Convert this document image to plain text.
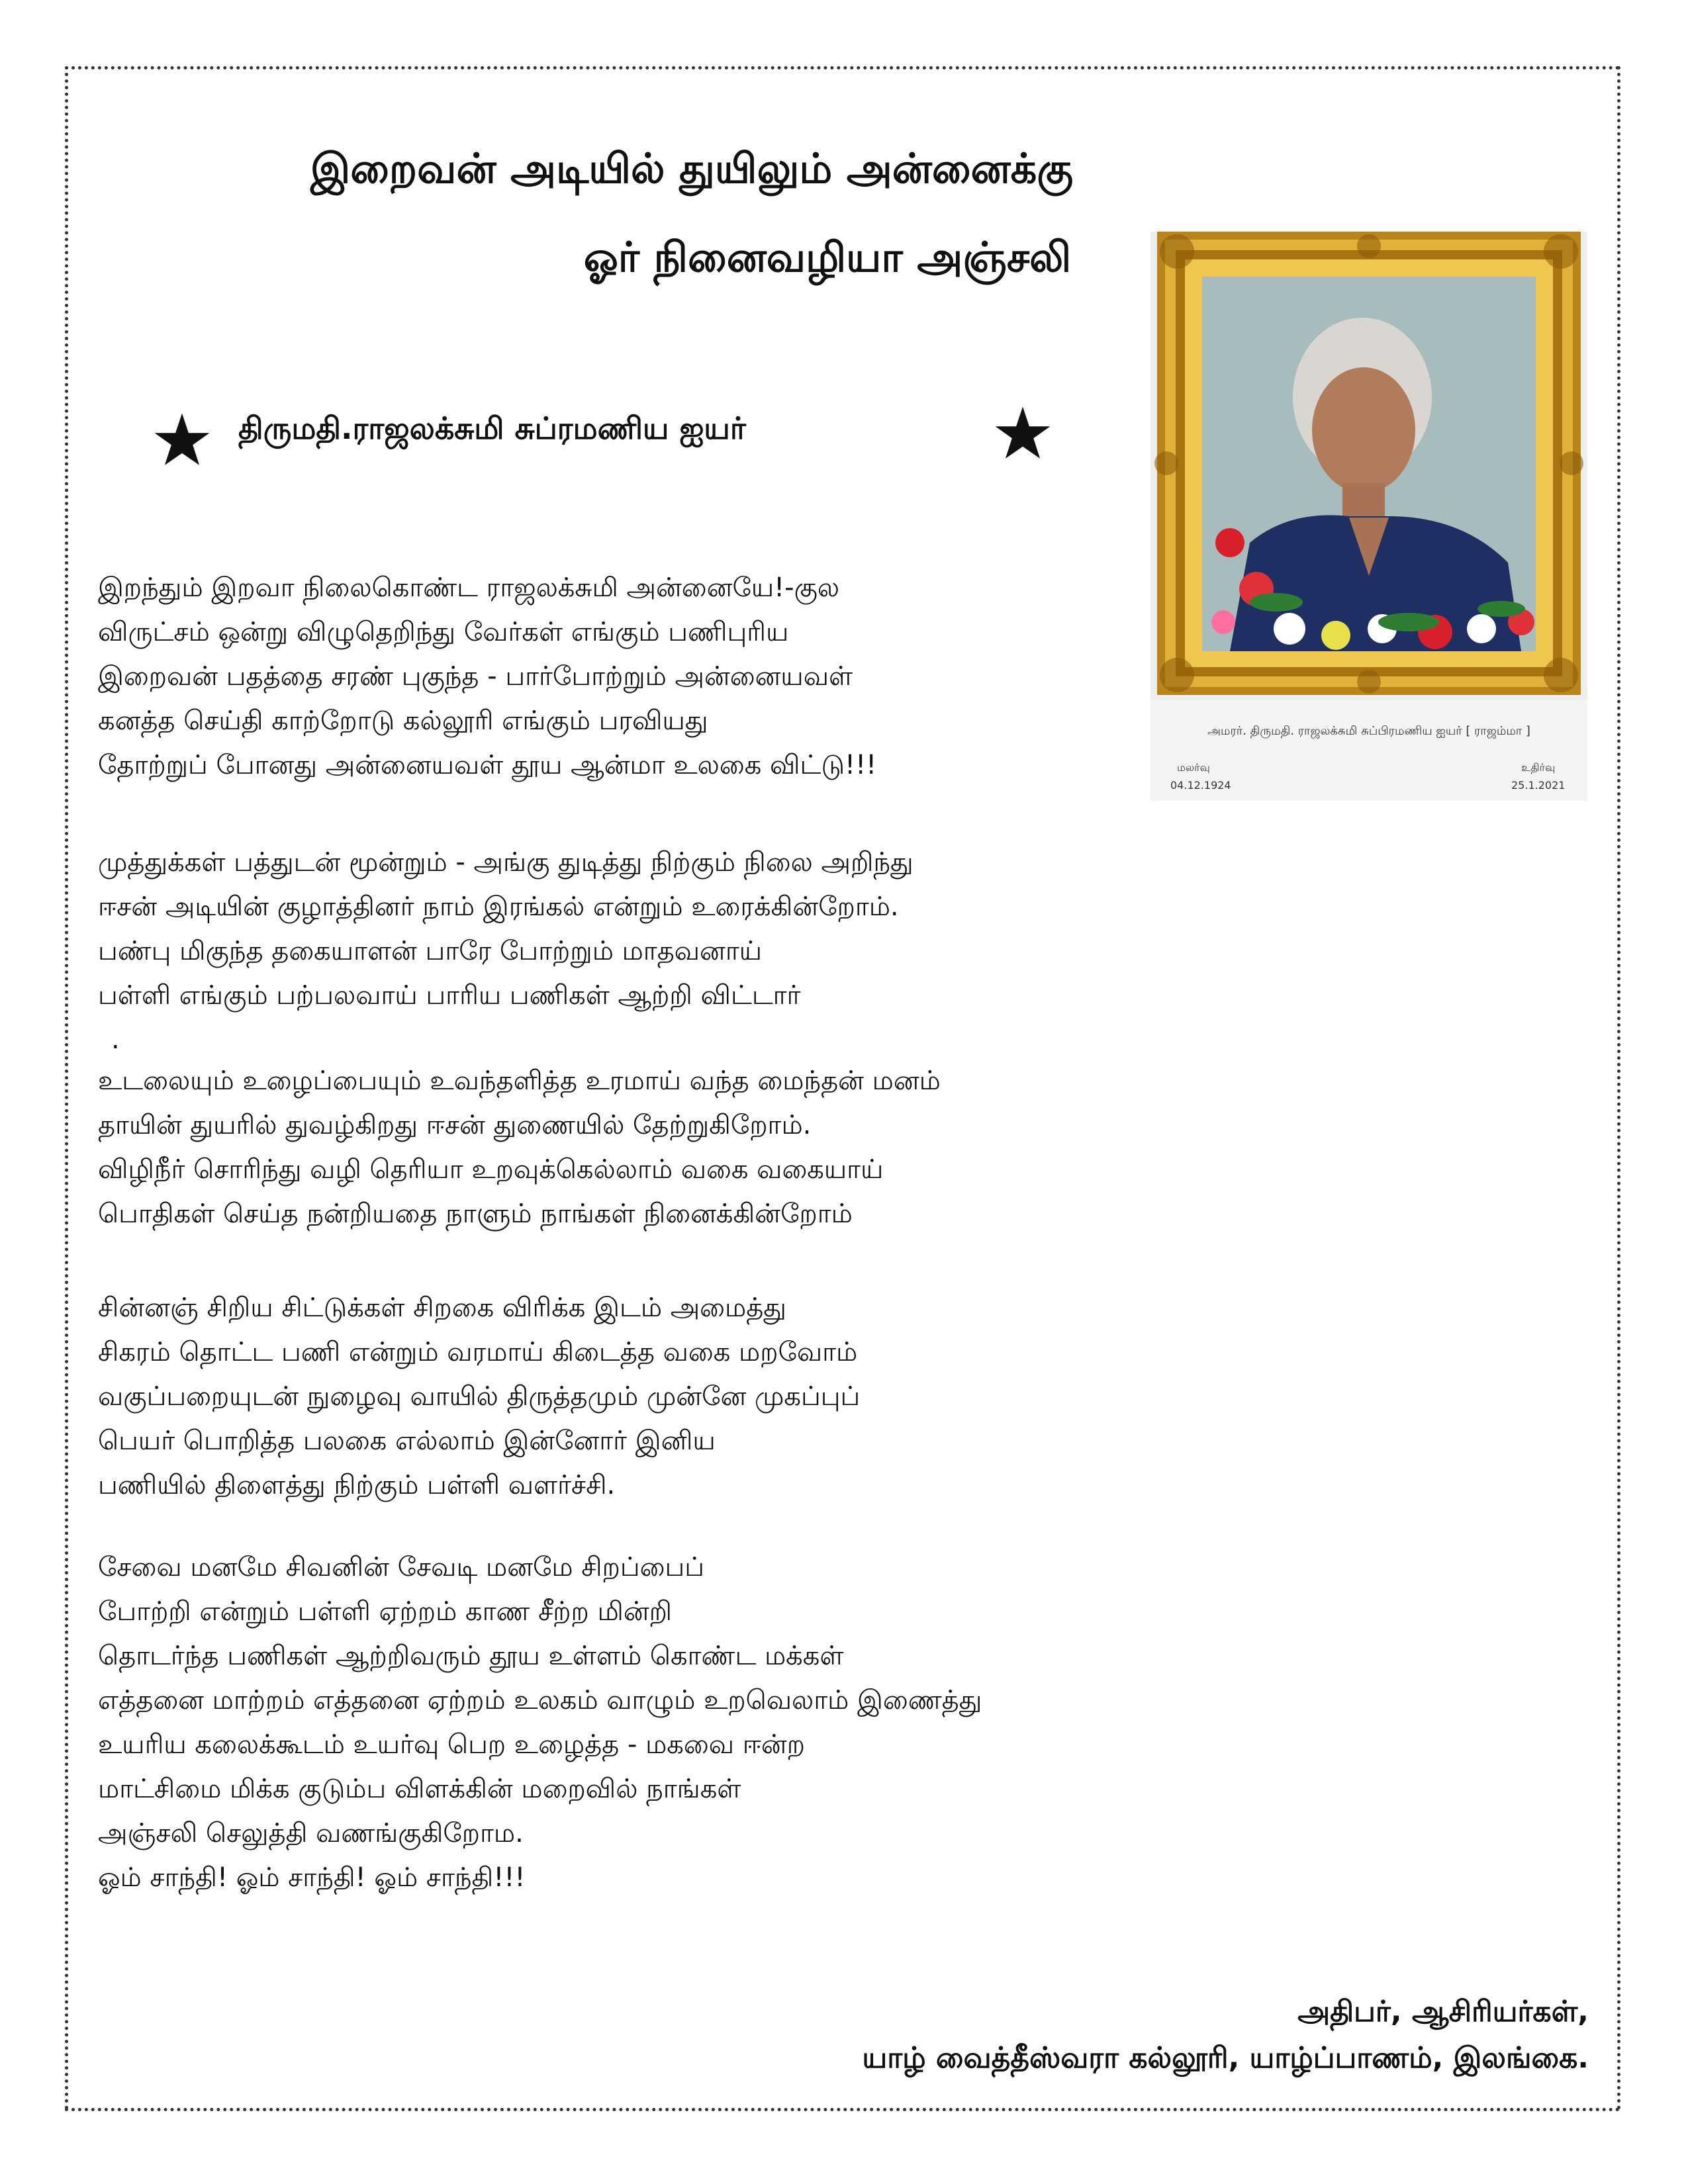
இறைவன் அடியில் துயிலும் அன்னைக்கு
ஓர் நினைவழியா அஞ்சலி
திருமதி.ராஜலக்சுமி சுப்ரமணிய ஐயர்
அமரர். திருமதி. ராஜலக்சுமி சுப்பிரமணிய ஐயர் [ ராஜம்மா ]
மலர்வு
04.12.1924
உதிர்வு
25.1.2021
இறந்தும் இறவா நிலைகொண்ட ராஜலக்சுமி அன்னையே!-குல
விருட்சம் ஒன்று விழுதெறிந்து வேர்கள் எங்கும் பணிபுரிய
இறைவன் பதத்தை சரண் புகுந்த - பார்போற்றும் அன்னையவள்
கனத்த செய்தி காற்றோடு கல்லூரி எங்கும் பரவியது
தோற்றுப் போனது அன்னையவள் தூய ஆன்மா உலகை விட்டு!!!
முத்துக்கள் பத்துடன் மூன்றும் - அங்கு துடித்து நிற்கும் நிலை அறிந்து
ஈசன் அடியின் குழாத்தினர் நாம் இரங்கல் என்றும் உரைக்கின்றோம்.
பண்பு மிகுந்த தகையாளன் பாரே போற்றும் மாதவனாய்
பள்ளி எங்கும் பற்பலவாய் பாரிய பணிகள் ஆற்றி விட்டார்
.
உடலையும் உழைப்பையும் உவந்தளித்த உரமாய் வந்த மைந்தன் மனம்
தாயின் துயரில் துவழ்கிறது ஈசன் துணையில் தேற்றுகிறோம்.
விழிநீர் சொரிந்து வழி தெரியா உறவுக்கெல்லாம் வகை வகையாய்
பொதிகள் செய்த நன்றியதை நாளும் நாங்கள் நினைக்கின்றோம்
சின்னஞ் சிறிய சிட்டுக்கள் சிறகை விரிக்க இடம் அமைத்து
சிகரம் தொட்ட பணி என்றும் வரமாய் கிடைத்த வகை மறவோம்
வகுப்பறையுடன் நுழைவு வாயில் திருத்தமும் முன்னே முகப்புப்
பெயர் பொறித்த பலகை எல்லாம் இன்னோர் இனிய
பணியில் திளைத்து நிற்கும் பள்ளி வளர்ச்சி.
சேவை மனமே சிவனின் சேவடி மனமே சிறப்பைப்
போற்றி என்றும் பள்ளி ஏற்றம் காண சீற்ற மின்றி
தொடர்ந்த பணிகள் ஆற்றிவரும் தூய உள்ளம் கொண்ட மக்கள்
எத்தனை மாற்றம் எத்தனை ஏற்றம் உலகம் வாழும் உறவெலாம் இணைத்து
உயரிய கலைக்கூடம் உயர்வு பெற உழைத்த - மகவை ஈன்ற
மாட்சிமை மிக்க குடும்ப விளக்கின் மறைவில் நாங்கள்
அஞ்சலி செலுத்தி வணங்குகிறோம.
ஓம் சாந்தி! ஓம் சாந்தி! ஓம் சாந்தி!!!
அதிபர், ஆசிரியர்கள்,
யாழ் வைத்தீஸ்வரா கல்லூரி, யாழ்ப்பாணம், இலங்கை.
